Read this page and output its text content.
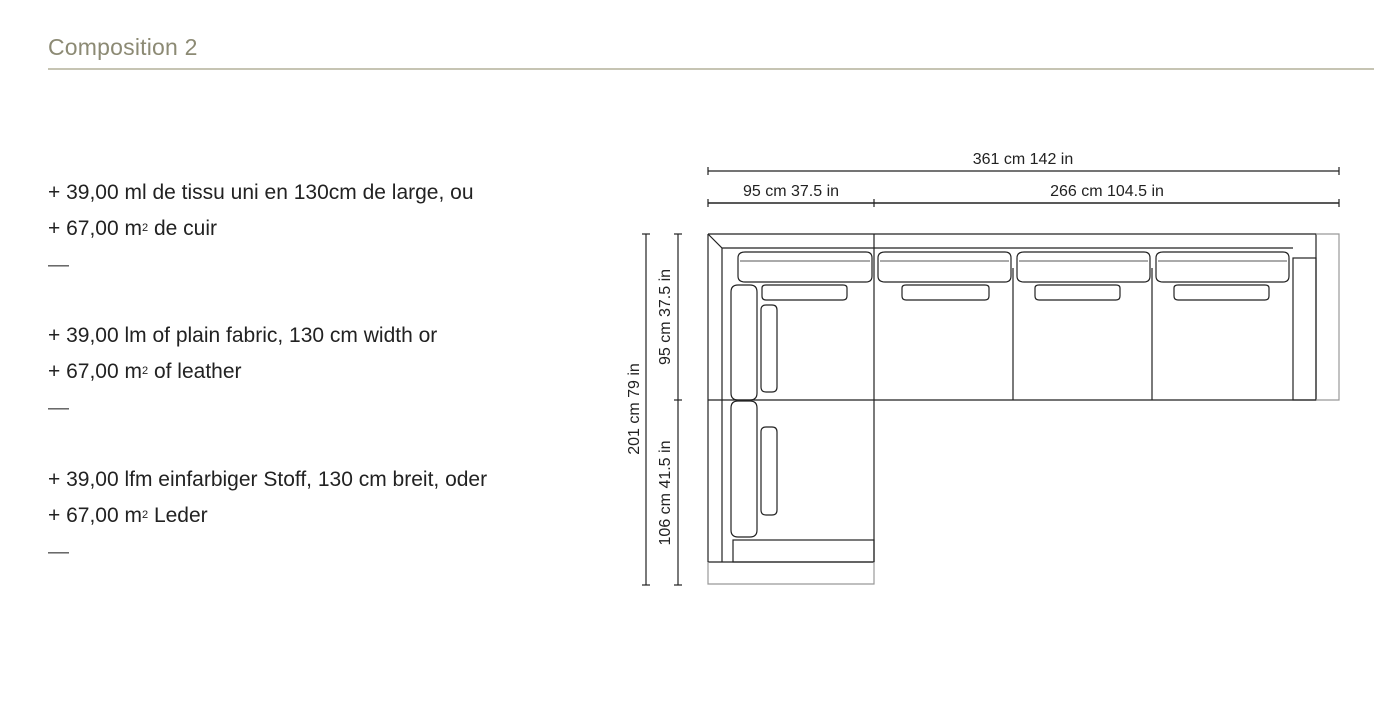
Composition 2
+ 39,00 ml de tissu uni en 130cm de large, ou
+ 67,00 $m^2$ de cuir
—
+ 39,00 lm of plain fabric, 130 cm width or
+ 67,00 $m^2$ of leather
—
+ 39,00 lfm einfarbiger Stoff, 130 cm breit, oder
+ 67,00 $m^2$ Leder
—
361 cm 142 in
95 cm 37.5 in	266 cm 104.5 in
201 cm 79 in
95 cm 37.5 in
106 cm 41.5 in
